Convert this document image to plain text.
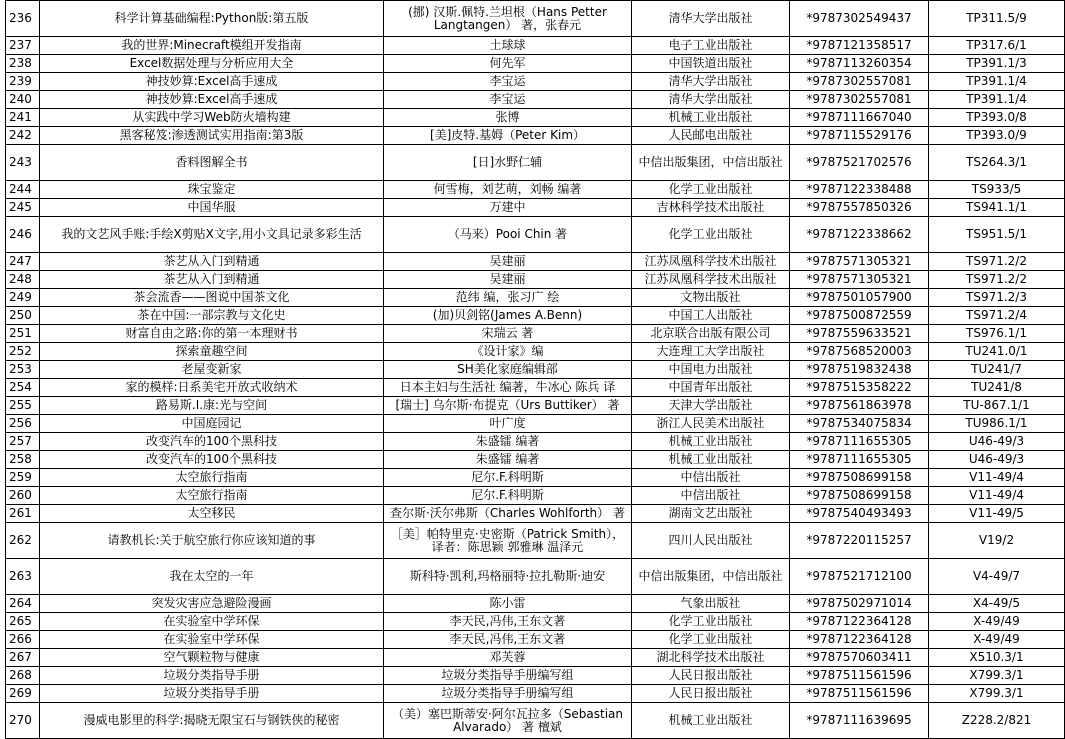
236	科学计算基础编程:Python版:第五版	(挪) 汉斯.佩特.兰坦根（Hans Petter Langtangen） 著，张春元	清华大学出版社	*9787302549437	TP311.5/9
237	我的世界:Minecraft模组开发指南	土球球	电子工业出版社	*9787121358517	TP317.6/1
238	Excel数据处理与分析应用大全	何先军	中国铁道出版社	*9787113260354	TP391.1/3
239	神技妙算:Excel高手速成	李宝运	清华大学出版社	*9787302557081	TP391.1/4
240	神技妙算:Excel高手速成	李宝运	清华大学出版社	*9787302557081	TP391.1/4
241	从实践中学习Web防火墙构建	张博	机械工业出版社	*9787111667040	TP393.0/8
242	黑客秘笈:渗透测试实用指南:第3版	[美]皮特.基姆（Peter Kim）	人民邮电出版社	*9787115529176	TP393.0/9
243	香料图解全书	[日]水野仁辅	中信出版集团，中信出版社	*9787521702576	TS264.3/1
244	珠宝鉴定	何雪梅，刘艺萌，刘畅 编著	化学工业出版社	*9787122338488	TS933/5
245	中国华服	万建中	吉林科学技术出版社	*9787557850326	TS941.1/1
246	我的文艺风手账:手绘X剪贴X文字,用小文具记录多彩生活	（马来）Pooi Chin 著	化学工业出版社	*9787122338662	TS951.5/1
247	茶艺从入门到精通	吴建丽	江苏凤凰科学技术出版社	*9787571305321	TS971.2/2
248	茶艺从入门到精通	吴建丽	江苏凤凰科学技术出版社	*9787571305321	TS971.2/2
249	茶会流香——图说中国茶文化	范纬 编，张习广 绘	文物出版社	*9787501057900	TS971.2/3
250	茶在中国:一部宗教与文化史	(加)贝剑铭(James A.Benn)	中国工人出版社	*9787500872559	TS971.2/4
251	财富自由之路:你的第一本理财书	宋瑞云 著	北京联合出版有限公司	*9787559633521	TS976.1/1
252	探索童趣空间	《设计家》编	大连理工大学出版社	*9787568520003	TU241.0/1
253	老屋变新家	SH美化家庭编辑部	中国电力出版社	*9787519832438	TU241/7
254	家的模样:日系美宅开放式收纳术	日本主妇与生活社 编著，牛冰心 陈兵 译	中国青年出版社	*9787515358222	TU241/8
255	路易斯.I.康:光与空间	[瑞士] 乌尔斯·布提克（Urs Buttiker） 著	天津大学出版社	*9787561863978	TU-867.1/1
256	中国庭园记	叶广度	浙江人民美术出版社	*9787534075834	TU986.1/1
257	改变汽车的100个黑科技	朱盛镭 编著	机械工业出版社	*9787111655305	U46-49/3
258	改变汽车的100个黑科技	朱盛镭 编著	机械工业出版社	*9787111655305	U46-49/3
259	太空旅行指南	尼尔.F.科明斯	中信出版社	*9787508699158	V11-49/4
260	太空旅行指南	尼尔.F.科明斯	中信出版社	*9787508699158	V11-49/4
261	太空移民	查尔斯·沃尔弗斯（Charles Wohlforth） 著	湖南文艺出版社	*9787540493493	V11-49/5
262	请教机长:关于航空旅行你应该知道的事	［美］帕特里克·史密斯（Patrick Smith），译者：陈思颖 郭雅琳 温泽元	四川人民出版社	*9787220115257	V19/2
263	我在太空的一年	斯科特·凯利,玛格丽特·拉扎勒斯·迪安	中信出版集团，中信出版社	*9787521712100	V4-49/7
264	突发灾害应急避险漫画	陈小雷	气象出版社	*9787502971014	X4-49/5
265	在实验室中学环保	李天民,冯伟,王东文著	化学工业出版社	*9787122364128	X-49/49
266	在实验室中学环保	李天民,冯伟,王东文著	化学工业出版社	*9787122364128	X-49/49
267	空气颗粒物与健康	邓芙蓉	湖北科学技术出版社	*9787570603411	X510.3/1
268	垃圾分类指导手册	垃圾分类指导手册编写组	人民日报出版社	*9787511561596	X799.3/1
269	垃圾分类指导手册	垃圾分类指导手册编写组	人民日报出版社	*9787511561596	X799.3/1
270	漫威电影里的科学:揭晓无限宝石与钢铁侠的秘密	（美）塞巴斯蒂安·阿尔瓦拉多（Sebastian Alvarado） 著 檀斌	机械工业出版社	*9787111639695	Z228.2/821
